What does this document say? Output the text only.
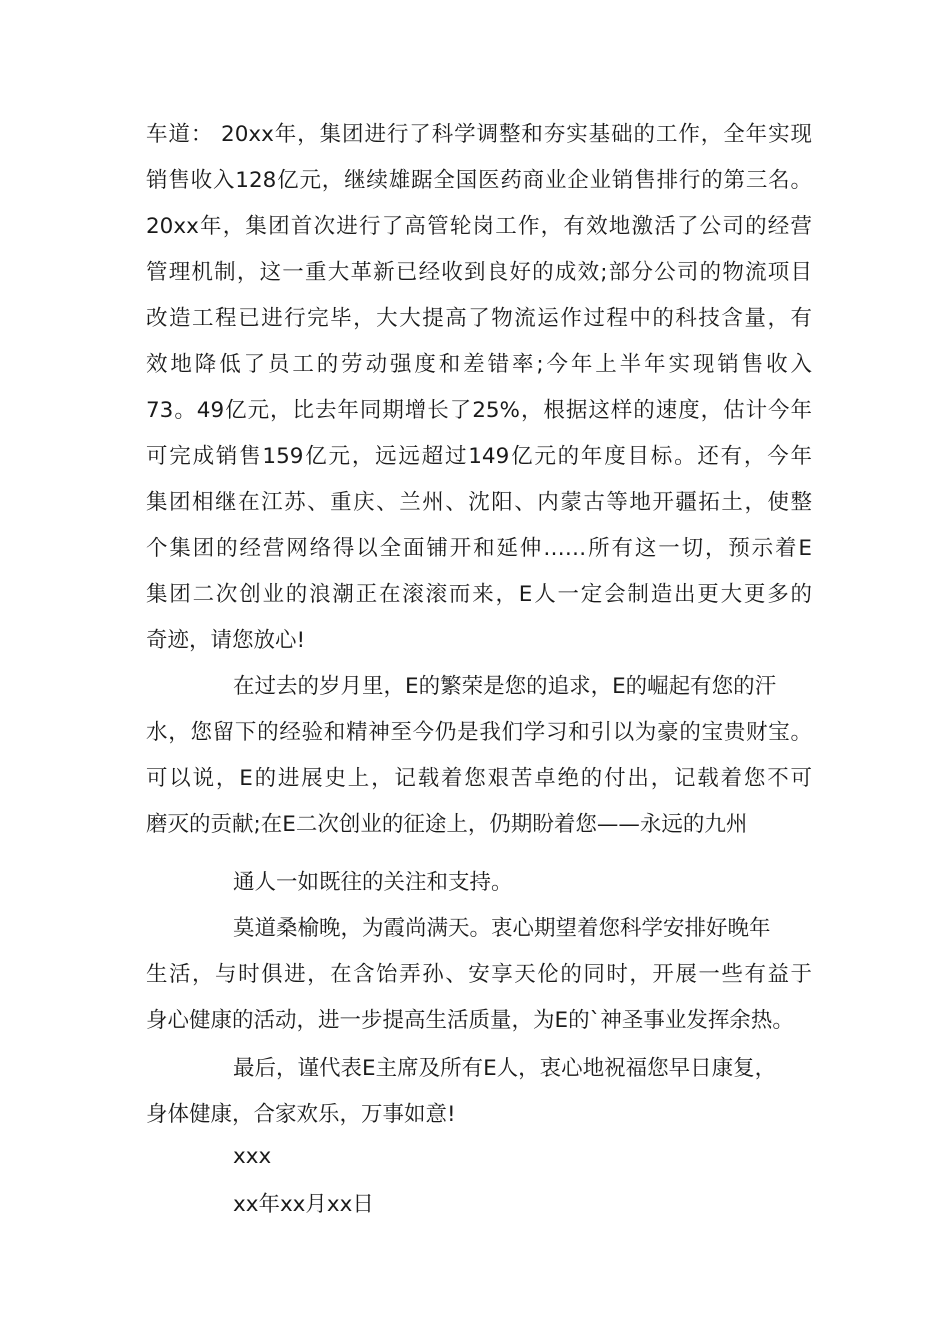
车道： 20xx年，集团进行了科学调整和夯实基础的工作，全年实现
销售收入128亿元，继续雄踞全国医药商业企业销售排行的第三名。
20xx年，集团首次进行了高管轮岗工作，有效地激活了公司的经营
管理机制，这一重大革新已经收到良好的成效;部分公司的物流项目
改造工程已进行完毕，大大提高了物流运作过程中的科技含量，有
效地降低了员工的劳动强度和差错率;今年上半年实现销售收入
73。49亿元，比去年同期增长了25%，根据这样的速度，估计今年
可完成销售159亿元，远远超过149亿元的年度目标。还有，今年
集团相继在江苏、重庆、兰州、沈阳、内蒙古等地开疆拓土，使整
个集团的经营网络得以全面铺开和延伸……所有这一切，预示着E
集团二次创业的浪潮正在滚滚而来，E人一定会制造出更大更多的
奇迹，请您放心!
在过去的岁月里，E的繁荣是您的追求，E的崛起有您的汗
水，您留下的经验和精神至今仍是我们学习和引以为豪的宝贵财宝。
可以说，E的进展史上，记载着您艰苦卓绝的付出，记载着您不可
磨灭的贡献;在E二次创业的征途上，仍期盼着您——永远的九州
通人一如既往的关注和支持。
莫道桑榆晚，为霞尚满天。衷心期望着您科学安排好晚年
生活，与时俱进，在含饴弄孙、安享天伦的同时，开展一些有益于
身心健康的活动，进一步提高生活质量，为E的`神圣事业发挥余热。
最后，谨代表E主席及所有E人，衷心地祝福您早日康复，
身体健康，合家欢乐，万事如意!
xxx
xx年xx月xx日
